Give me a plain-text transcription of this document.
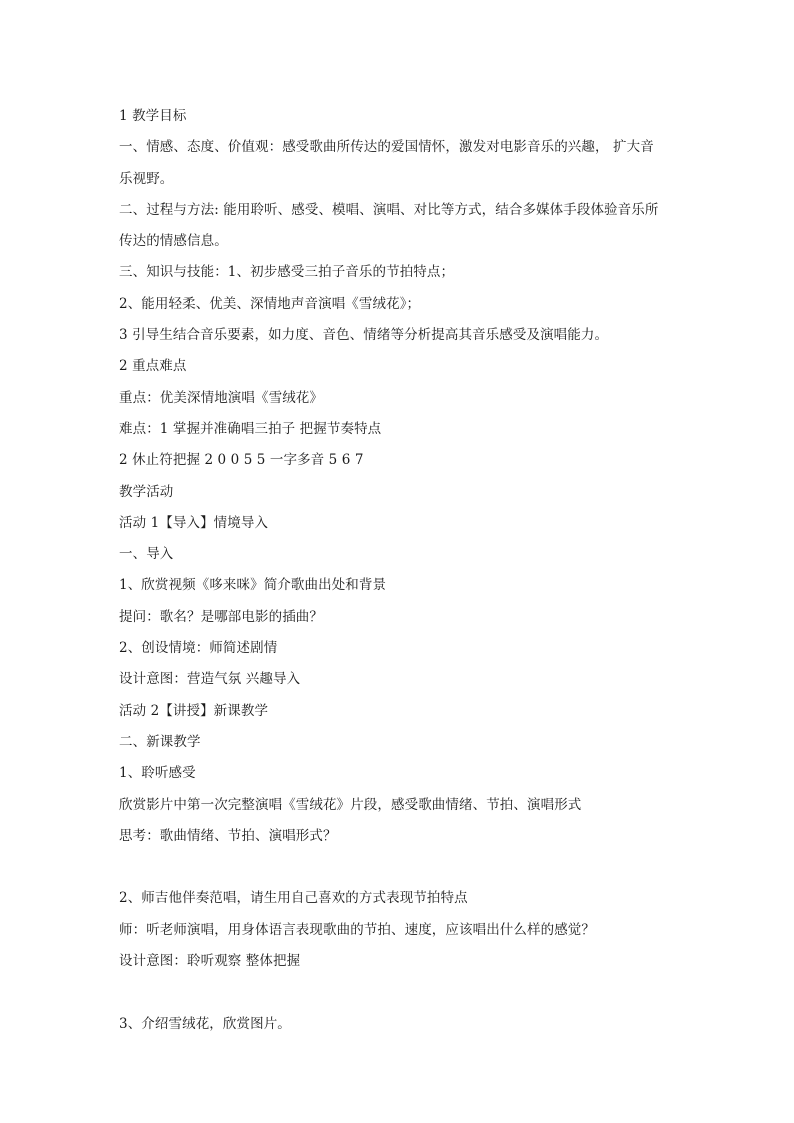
1 教学目标
一、情感、态度、价值观：感受歌曲所传达的爱国情怀，激发对电影音乐的兴趣， 扩大音
乐视野。
二、过程与方法: 能用聆听、感受、模唱、演唱、对比等方式，结合多媒体手段体验音乐所
传达的情感信息。
三、知识与技能：1、初步感受三拍子音乐的节拍特点；
2、能用轻柔、优美、深情地声音演唱《雪绒花》；
3 引导生结合音乐要素，如力度、音色、情绪等分析提高其音乐感受及演唱能力。
2 重点难点
重点：优美深情地演唱《雪绒花》
难点：1 掌握并准确唱三拍子 把握节奏特点
2 休止符把握 2 0 0 5 5 一字多音 5 6 7
教学活动
活动 1【导入】情境导入
一、导入
1、欣赏视频《哆来咪》简介歌曲出处和背景
提问：歌名？是哪部电影的插曲？
2、创设情境：师简述剧情
设计意图：营造气氛 兴趣导入
活动 2【讲授】新课教学
二、新课教学
1、聆听感受
欣赏影片中第一次完整演唱《雪绒花》片段，感受歌曲情绪、节拍、演唱形式
思考：歌曲情绪、节拍、演唱形式？
2、师吉他伴奏范唱，请生用自己喜欢的方式表现节拍特点
师：听老师演唱，用身体语言表现歌曲的节拍、速度，应该唱出什么样的感觉？
设计意图：聆听观察 整体把握
3、介绍雪绒花，欣赏图片。
